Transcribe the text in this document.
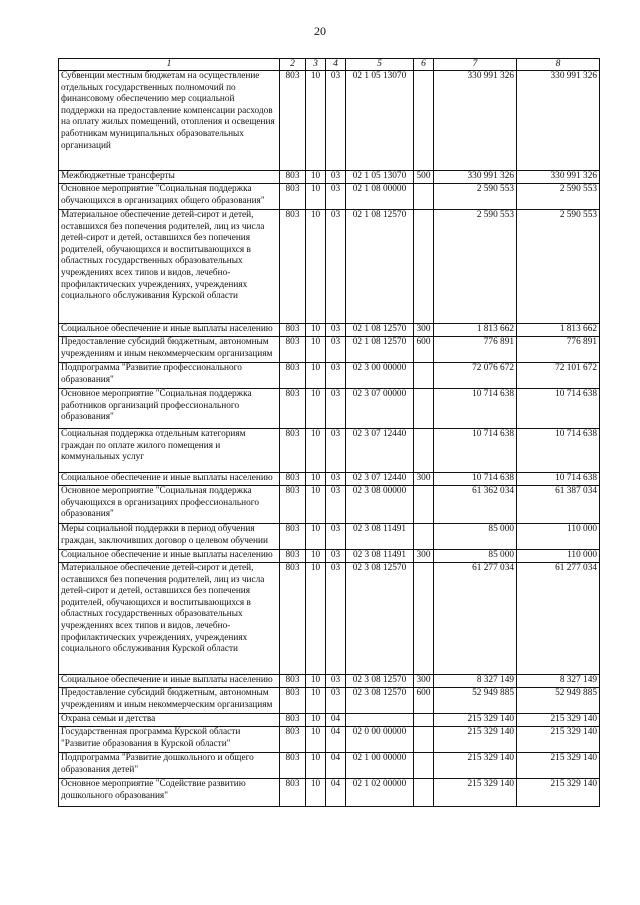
20
1	2	3	4	5	6	7	8
Субвенции местным бюджетам на осуществление отдельных государственных полномочий по финансовому обеспечению мер социальной поддержки на предоставление компенсации расходов на оплату жилых помещений, отопления и освещения работникам муниципальных образовательных организаций	803	10	03	02 1 05 13070		330 991 326	330 991 326
Межбюджетные трансферты	803	10	03	02 1 05 13070	500	330 991 326	330 991 326
Основное мероприятие "Социальная поддержка обучающихся в организациях общего образования"	803	10	03	02 1 08 00000		2 590 553	2 590 553
Материальное обеспечение детей-сирот и детей, оставшихся без попечения родителей, лиц из числа детей-сирот и детей, оставшихся без попечения родителей, обучающихся и воспитывающихся в областных государственных образовательных учреждениях всех типов и видов, лечебно-профилактических учреждениях, учреждениях социального обслуживания Курской области	803	10	03	02 1 08 12570		2 590 553	2 590 553
Социальное обеспечение и иные выплаты населению	803	10	03	02 1 08 12570	300	1 813 662	1 813 662
Предоставление субсидий бюджетным, автономным учреждениям и иным некоммерческим организациям	803	10	03	02 1 08 12570	600	776 891	776 891
Подпрограмма "Развитие профессионального образования"	803	10	03	02 3 00 00000		72 076 672	72 101 672
Основное мероприятие "Социальная поддержка работников организаций профессионального образования"	803	10	03	02 3 07 00000		10 714 638	10 714 638
Социальная поддержка отдельным категориям граждан по оплате жилого помещения и коммунальных услуг	803	10	03	02 3 07 12440		10 714 638	10 714 638
Социальное обеспечение и иные выплаты населению	803	10	03	02 3 07 12440	300	10 714 638	10 714 638
Основное мероприятие "Социальная поддержка обучающихся в организациях профессионального образования"	803	10	03	02 3 08 00000		61 362 034	61 387 034
Меры социальной поддержки в период обучения граждан, заключивших договор о целевом обучении	803	10	03	02 3 08 11491		85 000	110 000
Социальное обеспечение и иные выплаты населению	803	10	03	02 3 08 11491	300	85 000	110 000
Материальное обеспечение детей-сирот и детей, оставшихся без попечения родителей, лиц из числа детей-сирот и детей, оставшихся без попечения родителей, обучающихся и воспитывающихся в областных государственных образовательных учреждениях всех типов и видов, лечебно-профилактических учреждениях, учреждениях социального обслуживания Курской области	803	10	03	02 3 08 12570		61 277 034	61 277 034
Социальное обеспечение и иные выплаты населению	803	10	03	02 3 08 12570	300	8 327 149	8 327 149
Предоставление субсидий бюджетным, автономным учреждениям и иным некоммерческим организациям	803	10	03	02 3 08 12570	600	52 949 885	52 949 885
Охрана семьи и детства	803	10	04			215 329 140	215 329 140
Государственная программа Курской области "Развитие образования в Курской области"	803	10	04	02 0 00 00000		215 329 140	215 329 140
Подпрограмма "Развитие дошкольного и общего образования детей"	803	10	04	02 1 00 00000		215 329 140	215 329 140
Основное мероприятие "Содействие развитию дошкольного образования"	803	10	04	02 1 02 00000		215 329 140	215 329 140
